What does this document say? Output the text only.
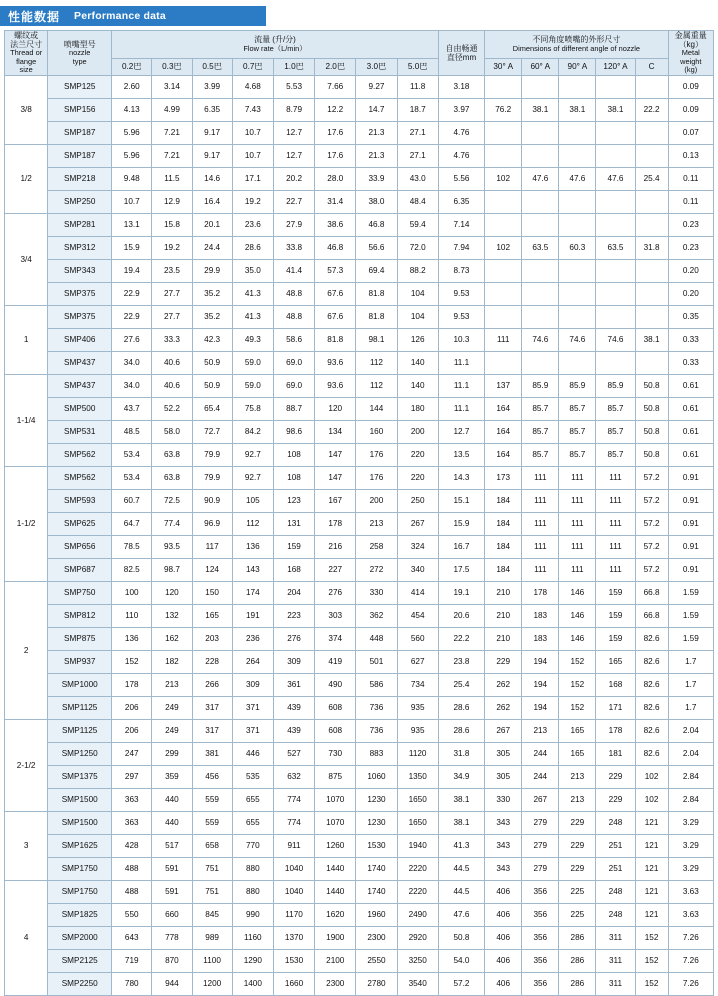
性能数据	Performance data
螺纹或
法兰尺寸
Thread or
flange
size	喷嘴型号
nozzle
type	流量 (升/分)
Flow rate（L/min）								自由畅通
直径mm	不同角度喷嘴的外形尺寸
Dimensions of different angle of nozzle					金属重量
（kg）
Metal
weight
(kg)

		0.2巴	0.3巴	0.5巴	0.7巴	1.0巴	2.0巴	3.0巴	5.0巴		30° A	60° A	90° A	120° A	C	
3/8	SMP125	2.60	3.14	3.99	4.68	5.53	7.66	9.27	11.8	3.18						0.09
	SMP156	4.13	4.99	6.35	7.43	8.79	12.2	14.7	18.7	3.97	76.2	38.1	38.1	38.1	22.2	0.09
	SMP187	5.96	7.21	9.17	10.7	12.7	17.6	21.3	27.1	4.76						0.07
1/2	SMP187	5.96	7.21	9.17	10.7	12.7	17.6	21.3	27.1	4.76						0.13
	SMP218	9.48	11.5	14.6	17.1	20.2	28.0	33.9	43.0	5.56	102	47.6	47.6	47.6	25.4	0.11
	SMP250	10.7	12.9	16.4	19.2	22.7	31.4	38.0	48.4	6.35						0.11
3/4	SMP281	13.1	15.8	20.1	23.6	27.9	38.6	46.8	59.4	7.14						0.23
	SMP312	15.9	19.2	24.4	28.6	33.8	46.8	56.6	72.0	7.94	102	63.5	60.3	63.5	31.8	0.23
	SMP343	19.4	23.5	29.9	35.0	41.4	57.3	69.4	88.2	8.73						0.20
	SMP375	22.9	27.7	35.2	41.3	48.8	67.6	81.8	104	9.53						0.20
1	SMP375	22.9	27.7	35.2	41.3	48.8	67.6	81.8	104	9.53						0.35
	SMP406	27.6	33.3	42.3	49.3	58.6	81.8	98.1	126	10.3	111	74.6	74.6	74.6	38.1	0.33
	SMP437	34.0	40.6	50.9	59.0	69.0	93.6	112	140	11.1						0.33
1-1/4	SMP437	34.0	40.6	50.9	59.0	69.0	93.6	112	140	11.1	137	85.9	85.9	85.9	50.8	0.61
	SMP500	43.7	52.2	65.4	75.8	88.7	120	144	180	11.1	164	85.7	85.7	85.7	50.8	0.61
	SMP531	48.5	58.0	72.7	84.2	98.6	134	160	200	12.7	164	85.7	85.7	85.7	50.8	0.61
	SMP562	53.4	63.8	79.9	92.7	108	147	176	220	13.5	164	85.7	85.7	85.7	50.8	0.61
1-1/2	SMP562	53.4	63.8	79.9	92.7	108	147	176	220	14.3	173	111	111	111	57.2	0.91
	SMP593	60.7	72.5	90.9	105	123	167	200	250	15.1	184	111	111	111	57.2	0.91
	SMP625	64.7	77.4	96.9	112	131	178	213	267	15.9	184	111	111	111	57.2	0.91
	SMP656	78.5	93.5	117	136	159	216	258	324	16.7	184	111	111	111	57.2	0.91
	SMP687	82.5	98.7	124	143	168	227	272	340	17.5	184	111	111	111	57.2	0.91
2	SMP750	100	120	150	174	204	276	330	414	19.1	210	178	146	159	66.8	1.59
	SMP812	110	132	165	191	223	303	362	454	20.6	210	183	146	159	66.8	1.59
	SMP875	136	162	203	236	276	374	448	560	22.2	210	183	146	159	82.6	1.59
	SMP937	152	182	228	264	309	419	501	627	23.8	229	194	152	165	82.6	1.7
	SMP1000	178	213	266	309	361	490	586	734	25.4	262	194	152	168	82.6	1.7
	SMP1125	206	249	317	371	439	608	736	935	28.6	262	194	152	171	82.6	1.7
2-1/2	SMP1125	206	249	317	371	439	608	736	935	28.6	267	213	165	178	82.6	2.04
	SMP1250	247	299	381	446	527	730	883	1120	31.8	305	244	165	181	82.6	2.04
	SMP1375	297	359	456	535	632	875	1060	1350	34.9	305	244	213	229	102	2.84
	SMP1500	363	440	559	655	774	1070	1230	1650	38.1	330	267	213	229	102	2.84
3	SMP1500	363	440	559	655	774	1070	1230	1650	38.1	343	279	229	248	121	3.29
	SMP1625	428	517	658	770	911	1260	1530	1940	41.3	343	279	229	251	121	3.29
	SMP1750	488	591	751	880	1040	1440	1740	2220	44.5	343	279	229	251	121	3.29
4	SMP1750	488	591	751	880	1040	1440	1740	2220	44.5	406	356	225	248	121	3.63
	SMP1825	550	660	845	990	1170	1620	1960	2490	47.6	406	356	225	248	121	3.63
	SMP2000	643	778	989	1160	1370	1900	2300	2920	50.8	406	356	286	311	152	7.26
	SMP2125	719	870	1100	1290	1530	2100	2550	3250	54.0	406	356	286	311	152	7.26
	SMP2250	780	944	1200	1400	1660	2300	2780	3540	57.2	406	356	286	311	152	7.26
